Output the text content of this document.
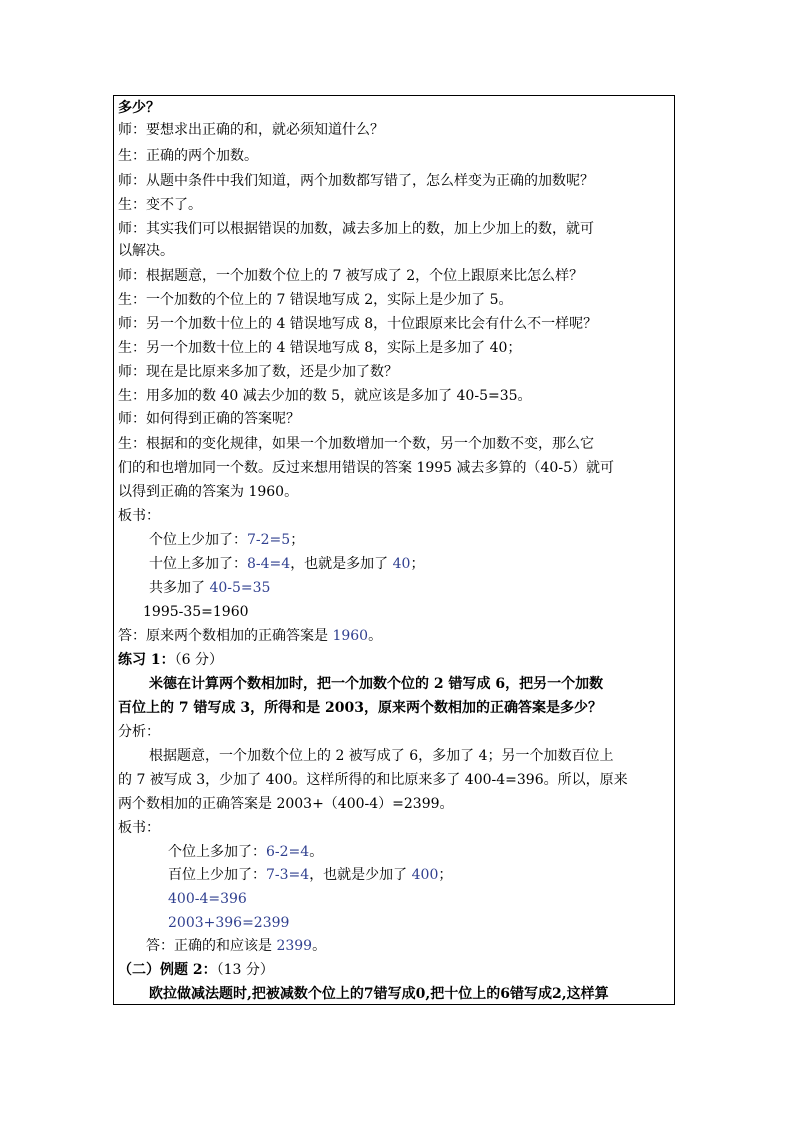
多少？
师：要想求出正确的和，就必须知道什么？
生：正确的两个加数。
师：从题中条件中我们知道，两个加数都写错了，怎么样变为正确的加数呢？
生：变不了。
师：其实我们可以根据错误的加数，减去多加上的数，加上少加上的数，就可
以解决。
师：根据题意，一个加数个位上的 7 被写成了 2，个位上跟原来比怎么样？
生：一个加数的个位上的 7 错误地写成 2，实际上是少加了 5。
师：另一个加数十位上的 4 错误地写成 8，十位跟原来比会有什么不一样呢？
生：另一个加数十位上的 4 错误地写成 8，实际上是多加了 40；
师：现在是比原来多加了数，还是少加了数？
生：用多加的数 40 减去少加的数 5，就应该是多加了 40-5=35。
师：如何得到正确的答案呢？
生：根据和的变化规律，如果一个加数增加一个数，另一个加数不变，那么它
们的和也增加同一个数。反过来想用错误的答案 1995 减去多算的（40-5）就可
以得到正确的答案为 1960。
板书：
个位上少加了：7-2=5；
十位上多加了：8-4=4，也就是多加了 40；
共多加了 40-5=35
1995-35=1960
答：原来两个数相加的正确答案是 1960。
练习 1：（6 分）
米德在计算两个数相加时，把一个加数个位的 2 错写成 6，把另一个加数
百位上的 7 错写成 3，所得和是 2003，原来两个数相加的正确答案是多少？
分析：
根据题意，一个加数个位上的 2 被写成了 6，多加了 4；另一个加数百位上
的 7 被写成 3，少加了 400。这样所得的和比原来多了 400-4=396。所以，原来
两个数相加的正确答案是 2003+（400-4）=2399。
板书：
个位上多加了：6-2=4。
百位上少加了：7-3=4，也就是少加了 400；
400-4=396
2003+396=2399
答：正确的和应该是 2399。
（二）例题 2：（13 分）
欧拉做减法题时,把被减数个位上的7错写成0,把十位上的6错写成2,这样算
